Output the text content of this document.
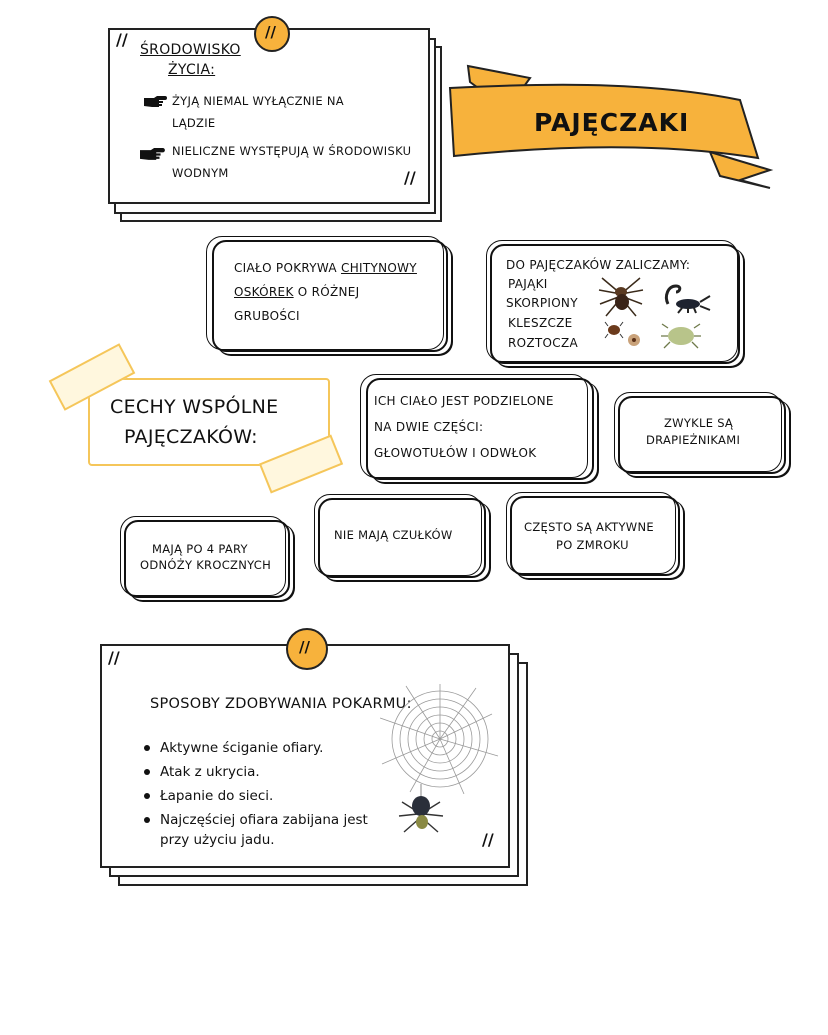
//
//
ŚRODOWISKO
ŻYCIA:
ŻYJĄ NIEMAL WYŁĄCZNIE NA
LĄDZIE
NIELICZNE WYSTĘPUJĄ W ŚRODOWISKU
WODNYM
//
PAJĘCZAKI
CIAŁO POKRYWA CHITYNOWY
OSKÓREK O RÓŻNEJ
GRUBOŚCI
DO PAJĘCZAKÓW ZALICZAMY:
PAJĄKI
SKORPIONY
KLESZCZE
ROZTOCZA
CECHY WSPÓLNE
PAJĘCZAKÓW:
ICH CIAŁO JEST PODZIELONE
NA DWIE CZĘŚCI:
GŁOWOTUŁÓW I ODWŁOK
ZWYKLE SĄ
DRAPIEŻNIKAMI
MAJĄ PO 4 PARY
ODNÓŻY KROCZNYCH
NIE MAJĄ CZUŁKÓW
CZĘSTO SĄ AKTYWNE
PO ZMROKU
//
//
SPOSOBY ZDOBYWANIA POKARMU:
Aktywne ściganie ofiary.
Atak z ukrycia.
Łapanie do sieci.
Najczęściej ofiara zabijana jest
przy użyciu jadu.
//
